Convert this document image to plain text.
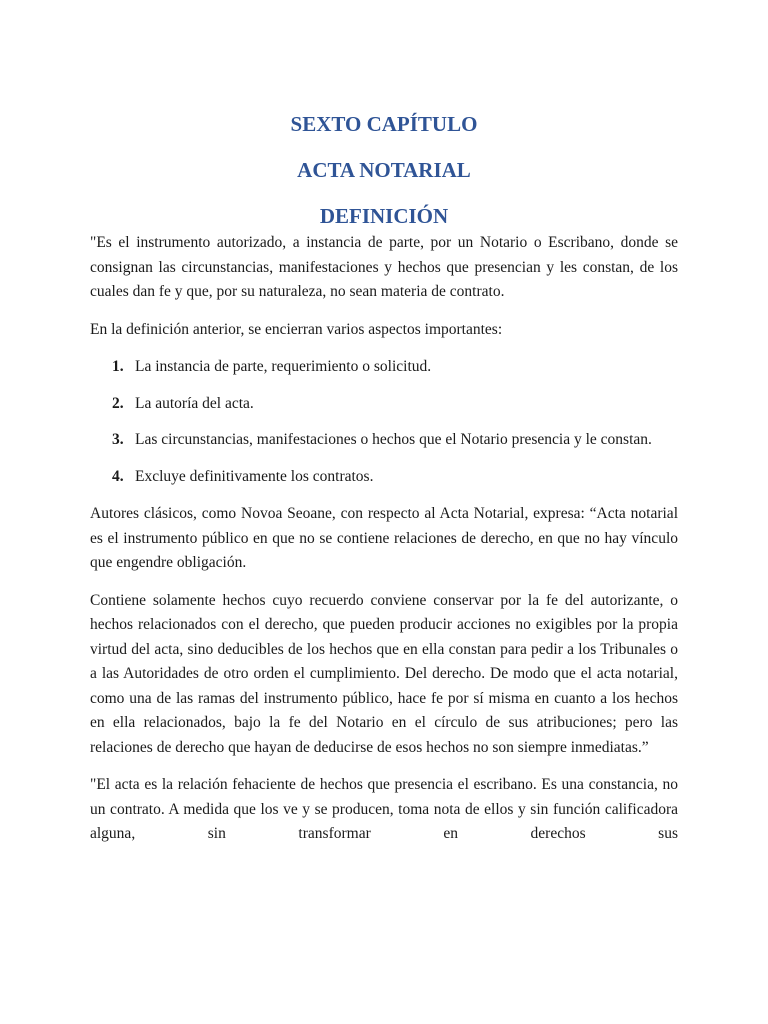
SEXTO CAPÍTULO
ACTA NOTARIAL
DEFINICIÓN

"Es el instrumento autorizado, a instancia de parte, por un Notario o Escribano, donde se consignan las circunstancias, manifestaciones y hechos que presencian y les constan, de los cuales dan fe y que, por su naturaleza, no sean materia de contrato.

En la definición anterior, se encierran varios aspectos importantes:

1. La instancia de parte, requerimiento o solicitud.
2. La autoría del acta.
3. Las circunstancias, manifestaciones o hechos que el Notario presencia y le constan.
4. Excluye definitivamente los contratos.

Autores clásicos, como Novoa Seoane, con respecto al Acta Notarial, expresa: “Acta notarial es el instrumento público en que no se contiene relaciones de derecho, en que no hay vínculo que engendre obligación.

Contiene solamente hechos cuyo recuerdo conviene conservar por la fe del autorizante, o hechos relacionados con el derecho, que pueden producir acciones no exigibles por la propia virtud del acta, sino deducibles de los hechos que en ella constan para pedir a los Tribunales o a las Autoridades de otro orden el cumplimiento. Del derecho. De modo que el acta notarial, como una de las ramas del instrumento público, hace fe por sí misma en cuanto a los hechos en ella relacionados, bajo la fe del Notario en el círculo de sus atribuciones; pero las relaciones de derecho que hayan de deducirse de esos hechos no son siempre inmediatas.”

"El acta es la relación fehaciente de hechos que presencia el escribano. Es una constancia, no un contrato. A medida que los ve y se producen, toma nota de ellos y sin función calificadora alguna, sin transformar en derechos sus
